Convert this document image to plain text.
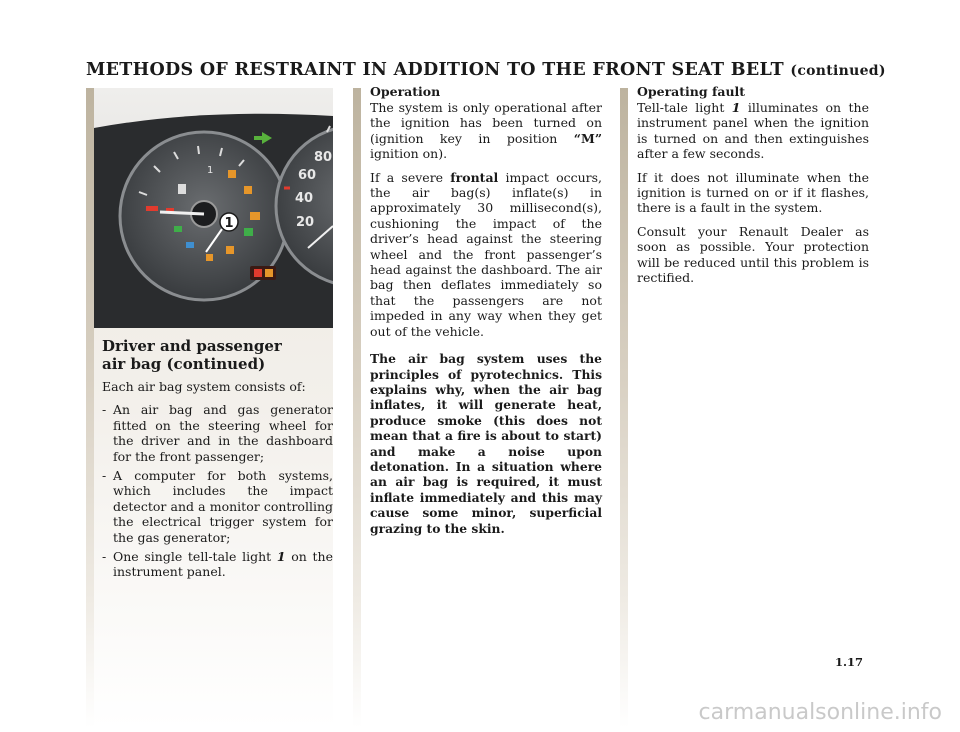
METHODS OF RESTRAINT IN ADDITION TO THE FRONT SEAT BELT (continued)
1
1
80
60
40
20

Driver and passenger
air bag (continued)

Each air bag system consists of:

- An air bag and gas generator fitted on the steering wheel for the driver and in the dashboard for the front passenger;
- A computer for both systems, which includes the impact detector and a monitor controlling the electrical trigger system for the gas generator;
- One single tell-tale light 1 on the instrument panel.

Operation

The system is only operational after the ignition has been turned on (ignition key in position “M” ignition on).

If a severe frontal impact occurs, the air bag(s) inflate(s) in approximately 30 millisecond(s), cushioning the impact of the driver’s head against the steering wheel and the front passenger’s head against the dashboard. The air bag then deflates immediately so that the passengers are not impeded in any way when they get out of the vehicle.

The air bag system uses the principles of pyrotechnics. This explains why, when the air bag inflates, it will generate heat, produce smoke (this does not mean that a fire is about to start) and make a noise upon detonation. In a situation where an air bag is required, it must inflate immediately and this may cause some minor, superficial grazing to the skin.

Operating fault

Tell-tale light 1 illuminates on the instrument panel when the ignition is turned on and then extinguishes after a few seconds.

If it does not illuminate when the ignition is turned on or if it flashes, there is a fault in the system.

Consult your Renault Dealer as soon as possible. Your protection will be reduced until this problem is rectified.

1.17
carmanualsonline.info
